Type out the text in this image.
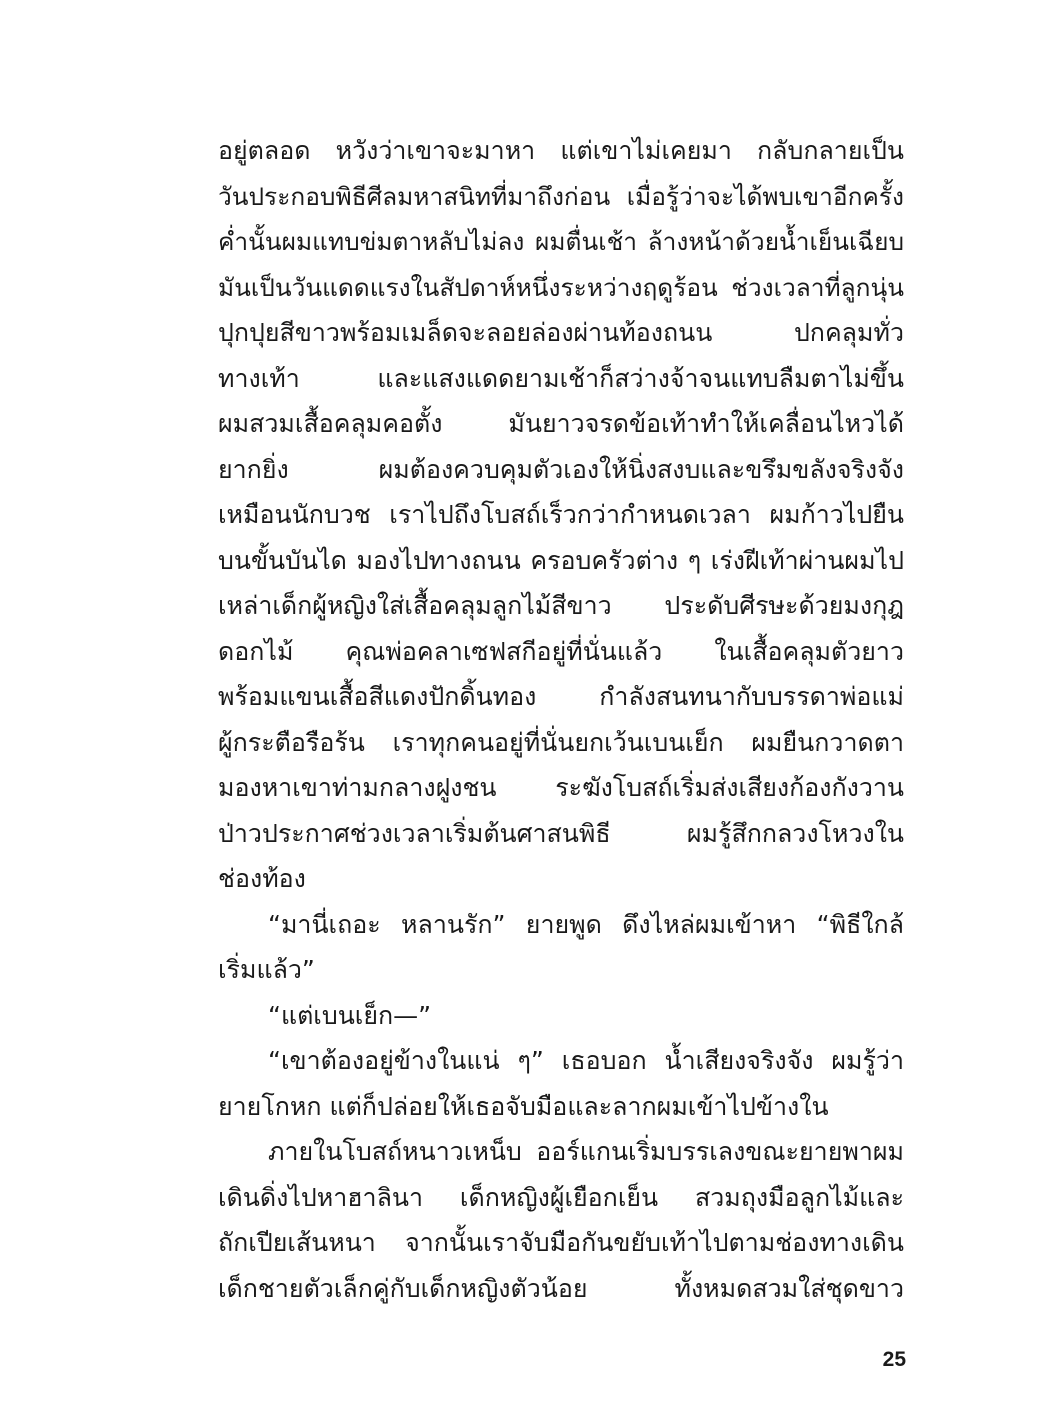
อยู่ตลอด หวังว่าเขาจะมาหา แต่เขาไม่เคยมา กลับกลายเป็น
วันประกอบพิธีศีลมหาสนิทที่มาถึงก่อน เมื่อรู้ว่าจะได้พบเขาอีกครั้ง
ค่ำนั้นผมแทบข่มตาหลับไม่ลง ผมตื่นเช้า ล้างหน้าด้วยน้ำเย็นเฉียบ
มันเป็นวันแดดแรงในสัปดาห์หนึ่งระหว่างฤดูร้อน ช่วงเวลาที่ลูกนุ่น
ปุกปุยสีขาวพร้อมเมล็ดจะลอยล่องผ่านท้องถนน ปกคลุมทั่ว
ทางเท้า และแสงแดดยามเช้าก็สว่างจ้าจนแทบลืมตาไม่ขึ้น
ผมสวมเสื้อคลุมคอตั้ง มันยาวจรดข้อเท้าทำให้เคลื่อนไหวได้
ยากยิ่ง ผมต้องควบคุมตัวเองให้นิ่งสงบและขรึมขลังจริงจัง
เหมือนนักบวช เราไปถึงโบสถ์เร็วกว่ากำหนดเวลา ผมก้าวไปยืน
บนขั้นบันได มองไปทางถนน ครอบครัวต่าง ๆ เร่งฝีเท้าผ่านผมไป
เหล่าเด็กผู้หญิงใส่เสื้อคลุมลูกไม้สีขาว ประดับศีรษะด้วยมงกุฎ
ดอกไม้ คุณพ่อคลาเซฟสกีอยู่ที่นั่นแล้ว ในเสื้อคลุมตัวยาว
พร้อมแขนเสื้อสีแดงปักดิ้นทอง กำลังสนทนากับบรรดาพ่อแม่
ผู้กระตือรือร้น เราทุกคนอยู่ที่นั่นยกเว้นเบนเย็ก ผมยืนกวาดตา
มองหาเขาท่ามกลางฝูงชน ระฆังโบสถ์เริ่มส่งเสียงก้องกังวาน
ป่าวประกาศช่วงเวลาเริ่มต้นศาสนพิธี ผมรู้สึกกลวงโหวงใน
ช่องท้อง
“มานี่เถอะ หลานรัก” ยายพูด ดึงไหล่ผมเข้าหา “พิธีใกล้
เริ่มแล้ว”
“แต่เบนเย็ก—”
“เขาต้องอยู่ข้างในแน่ ๆ” เธอบอก น้ำเสียงจริงจัง ผมรู้ว่า
ยายโกหก แต่ก็ปล่อยให้เธอจับมือและลากผมเข้าไปข้างใน
ภายในโบสถ์หนาวเหน็บ ออร์แกนเริ่มบรรเลงขณะยายพาผม
เดินดิ่งไปหาฮาลินา เด็กหญิงผู้เยือกเย็น สวมถุงมือลูกไม้และ
ถักเปียเส้นหนา จากนั้นเราจับมือกันขยับเท้าไปตามช่องทางเดิน
เด็กชายตัวเล็กคู่กับเด็กหญิงตัวน้อย ทั้งหมดสวมใส่ชุดขาว
25
